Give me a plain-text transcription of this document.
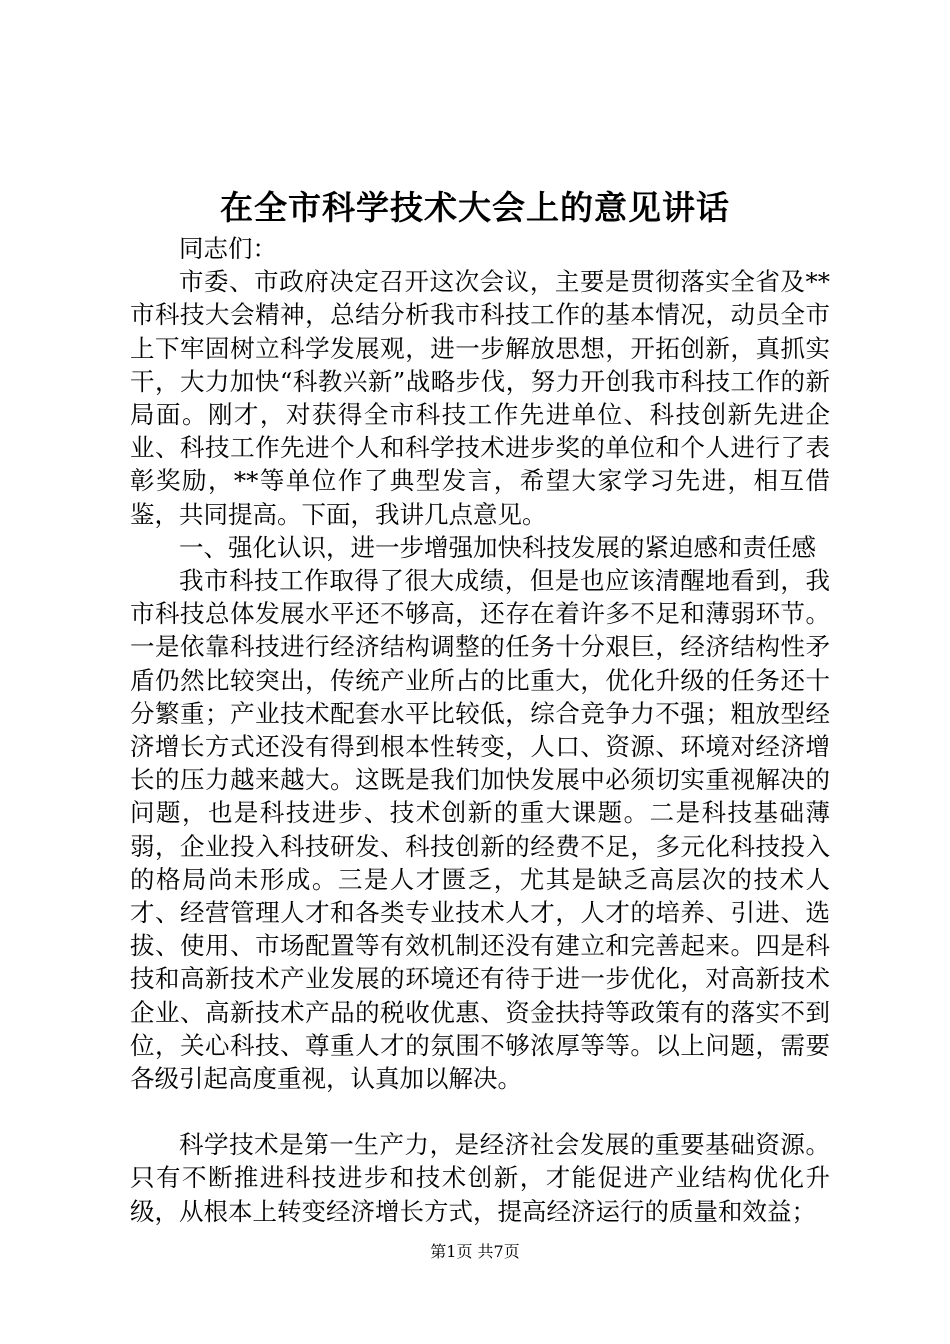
在全市科学技术大会上的意见讲话

同志们：

市委、市政府决定召开这次会议，主要是贯彻落实全省及**市科技大会精神，总结分析我市科技工作的基本情况，动员全市上下牢固树立科学发展观，进一步解放思想，开拓创新，真抓实干，大力加快“科教兴新”战略步伐，努力开创我市科技工作的新局面。刚才，对获得全市科技工作先进单位、科技创新先进企业、科技工作先进个人和科学技术进步奖的单位和个人进行了表彰奖励，**等单位作了典型发言，希望大家学习先进，相互借鉴，共同提高。下面，我讲几点意见。

一、强化认识，进一步增强加快科技发展的紧迫感和责任感

我市科技工作取得了很大成绩，但是也应该清醒地看到，我市科技总体发展水平还不够高，还存在着许多不足和薄弱环节。一是依靠科技进行经济结构调整的任务十分艰巨，经济结构性矛盾仍然比较突出，传统产业所占的比重大，优化升级的任务还十分繁重；产业技术配套水平比较低，综合竞争力不强；粗放型经济增长方式还没有得到根本性转变，人口、资源、环境对经济增长的压力越来越大。这既是我们加快发展中必须切实重视解决的问题，也是科技进步、技术创新的重大课题。二是科技基础薄弱，企业投入科技研发、科技创新的经费不足，多元化科技投入的格局尚未形成。三是人才匮乏，尤其是缺乏高层次的技术人才、经营管理人才和各类专业技术人才，人才的培养、引进、选拔、使用、市场配置等有效机制还没有建立和完善起来。四是科技和高新技术产业发展的环境还有待于进一步优化，对高新技术企业、高新技术产品的税收优惠、资金扶持等政策有的落实不到位，关心科技、尊重人才的氛围不够浓厚等等。以上问题，需要各级引起高度重视，认真加以解决。

科学技术是第一生产力，是经济社会发展的重要基础资源。只有不断推进科技进步和技术创新，才能促进产业结构优化升级，从根本上转变经济增长方式，提高经济运行的质量和效益；

第1页 共7页
